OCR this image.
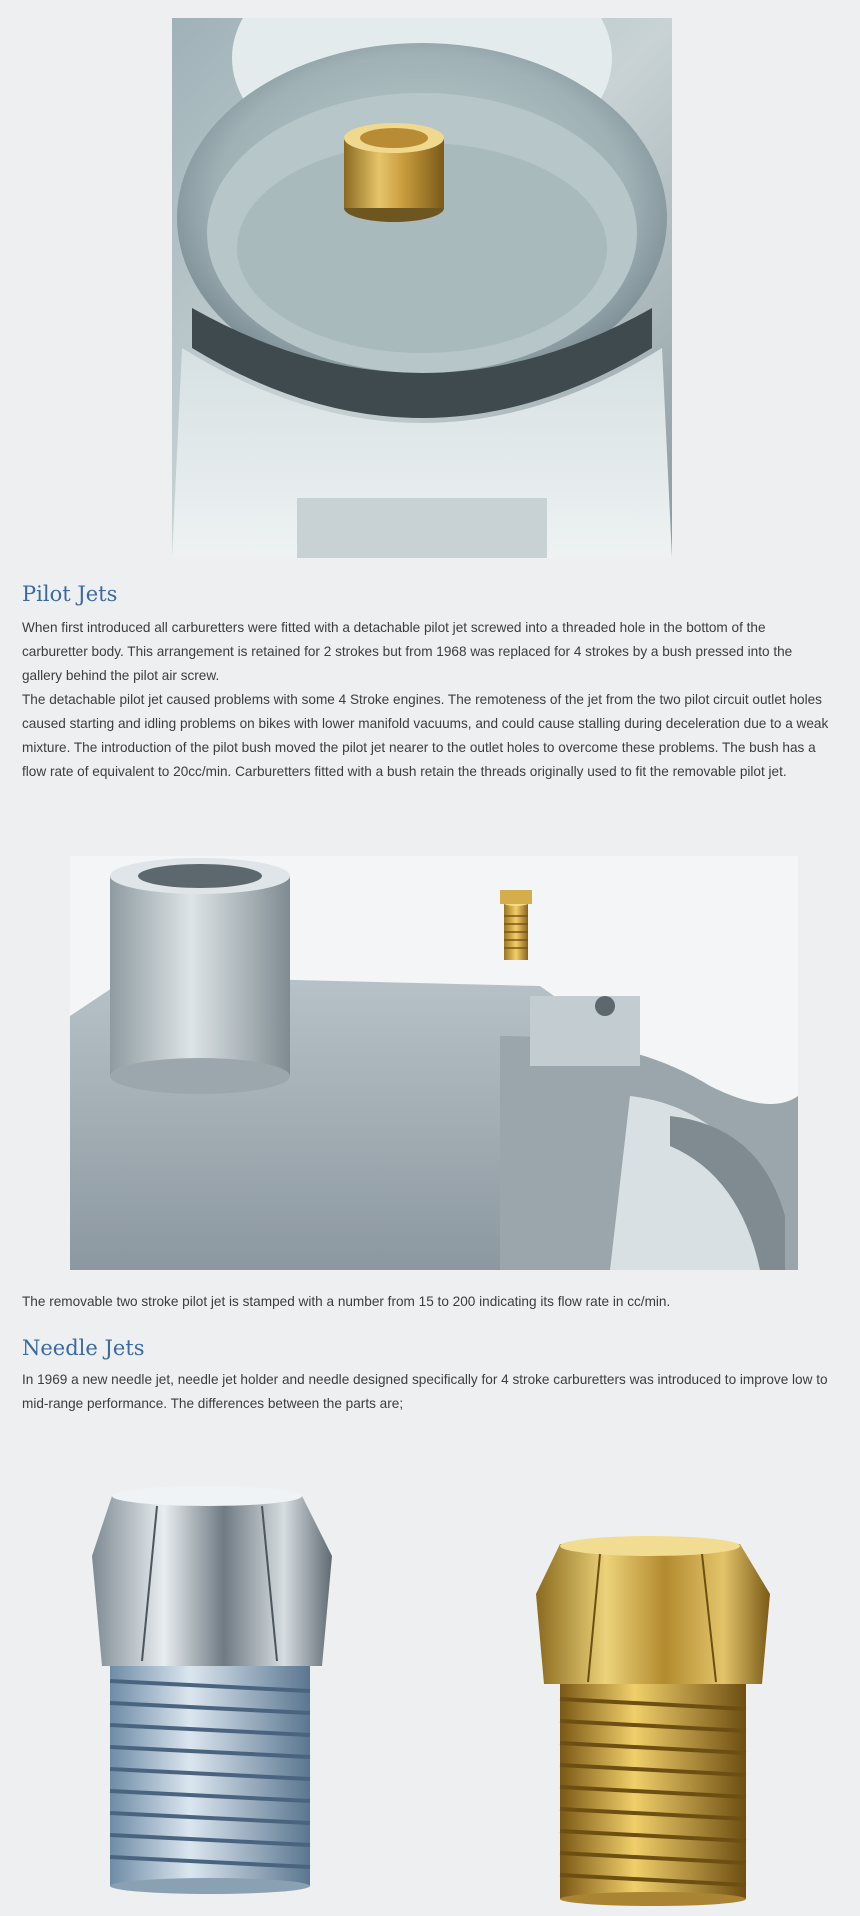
Pilot Jets

When first introduced all carburetters were fitted with a detachable pilot jet screwed into a threaded hole in the bottom of the carburetter body. This arrangement is retained for 2 strokes but from 1968 was replaced for 4 strokes by a bush pressed into the gallery behind the pilot air screw.

The detachable pilot jet caused problems with some 4 Stroke engines. The remoteness of the jet from the two pilot circuit outlet holes caused starting and idling problems on bikes with lower manifold vacuums, and could cause stalling during deceleration due to a weak mixture. The introduction of the pilot bush moved the pilot jet nearer to the outlet holes to overcome these problems. The bush has a flow rate of equivalent to 20cc/min. Carburetters fitted with a bush retain the threads originally used to fit the removable pilot jet.

The removable two stroke pilot jet is stamped with a number from 15 to 200 indicating its flow rate in cc/min.

Needle Jets

In 1969 a new needle jet, needle jet holder and needle designed specifically for 4 stroke carburetters was introduced to improve low to mid-range performance. The differences between the parts are;
